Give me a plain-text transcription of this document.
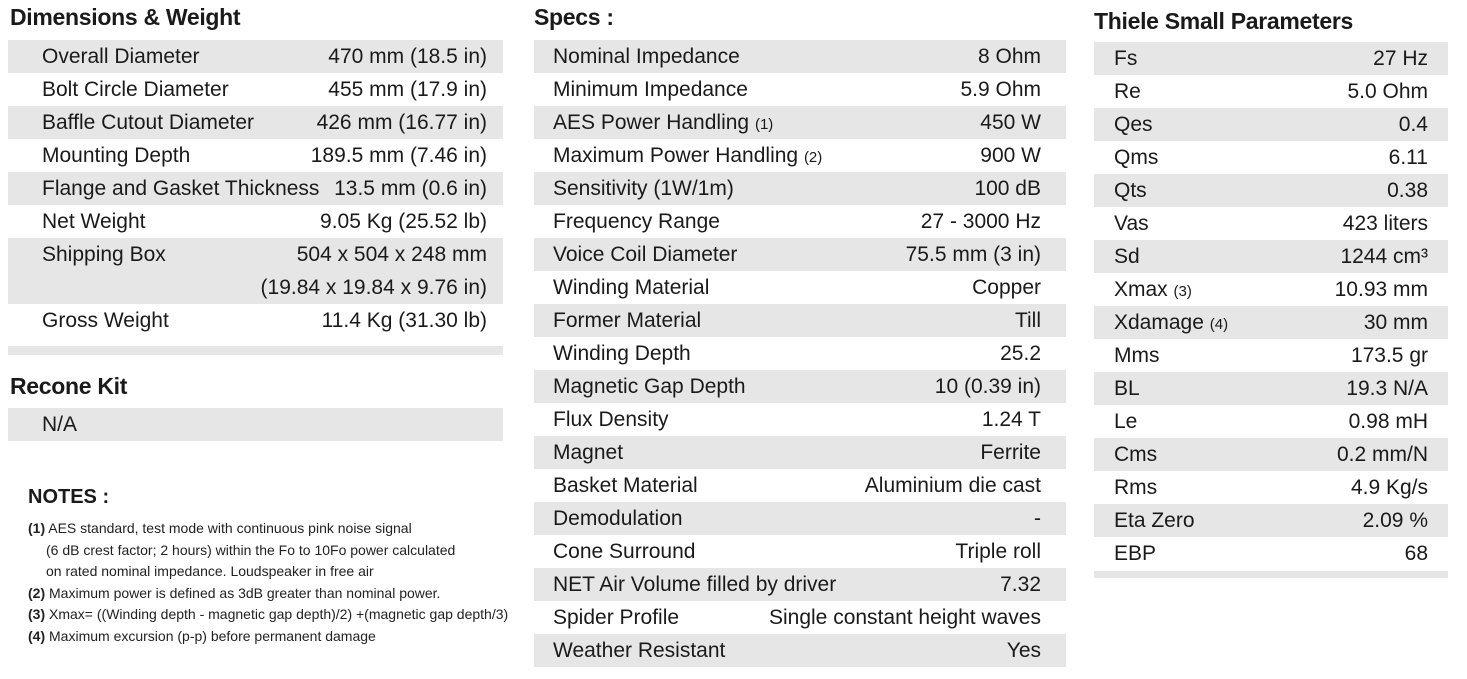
Dimensions & Weight
Overall Diameter	470 mm (18.5 in)
Bolt Circle Diameter	455 mm (17.9 in)
Baffle Cutout Diameter	426 mm (16.77 in)
Mounting Depth	189.5 mm (7.46 in)
Flange and Gasket Thickness 13.5 mm (0.6 in)
Net Weight	9.05 Kg (25.52 lb)
Shipping Box	504 x 504 x 248 mm
(19.84 x 19.84 x 9.76 in)
Gross Weight	11.4 Kg (31.30 lb)
Recone Kit
N/A
NOTES :
(1) AES standard, test mode with continuous pink noise signal
(6 dB crest factor; 2 hours) within the Fo to 10Fo power calculated
on rated nominal impedance. Loudspeaker in free air
(2) Maximum power is defined as 3dB greater than nominal power.
(3) Xmax= ((Winding depth - magnetic gap depth)/2) +(magnetic gap depth/3)
(4) Maximum excursion (p-p) before permanent damage
Specs :
Nominal Impedance	8 Ohm
Minimum Impedance	5.9 Ohm
AES Power Handling (1)	450 W
Maximum Power Handling (2)	900 W
Sensitivity (1W/1m)	100 dB
Frequency Range	27 - 3000 Hz
Voice Coil Diameter	75.5 mm (3 in)
Winding Material	Copper
Former Material	Till
Winding Depth	25.2
Magnetic Gap Depth	10 (0.39 in)
Flux Density	1.24 T
Magnet	Ferrite
Basket Material	Aluminium die cast
Demodulation	-
Cone Surround	Triple roll
NET Air Volume filled by driver	7.32
Spider Profile	Single constant height waves
Weather Resistant	Yes
Thiele Small Parameters
Fs	27 Hz
Re	5.0 Ohm
Qes	0.4
Qms	6.11
Qts	0.38
Vas	423 liters
Sd	1244 cm³
Xmax (3)	10.93 mm
Xdamage (4)	30 mm
Mms	173.5 gr
BL	19.3 N/A
Le	0.98 mH
Cms	0.2 mm/N
Rms	4.9 Kg/s
Eta Zero	2.09 %
EBP	68
